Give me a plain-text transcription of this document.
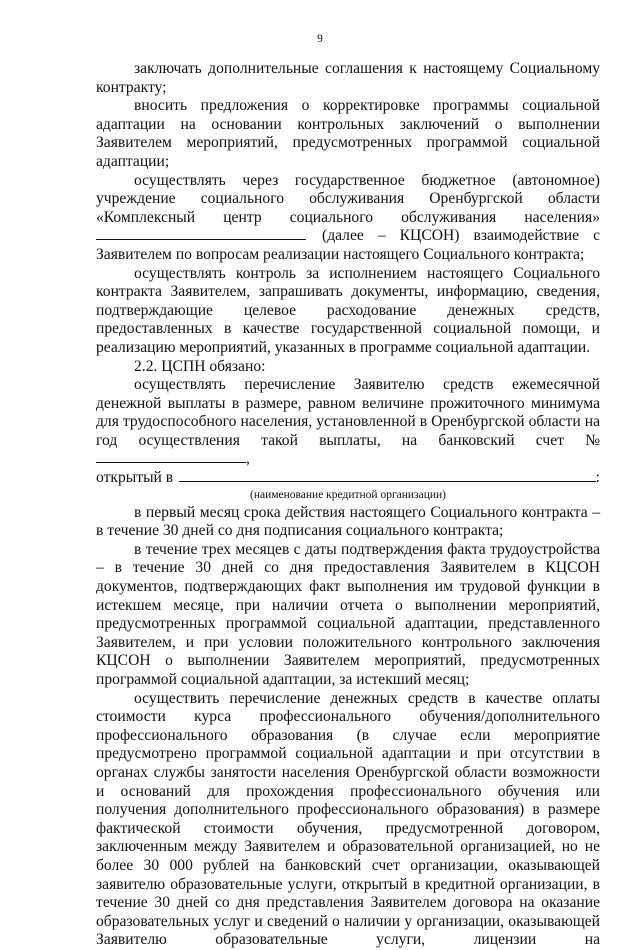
9

заключать дополнительные соглашения к настоящему Социальному контракту;

вносить предложения о корректировке программы социальной адаптации на основании контрольных заключений о выполнении Заявителем мероприятий, предусмотренных программой социальной адаптации;

осуществлять через государственное бюджетное (автономное) учреждение социального обслуживания Оренбургской области «Комплексный центр социального обслуживания населения»

(далее – КЦСОН) взаимодействие с

Заявителем по вопросам реализации настоящего Социального контракта;

осуществлять контроль за исполнением настоящего Социального контракта Заявителем, запрашивать документы, информацию, сведения, подтверждающие целевое расходование денежных средств, предоставленных в качестве государственной социальной помощи, и реализацию мероприятий, указанных в программе социальной адаптации.

2.2. ЦСПН обязано:

осуществлять перечисление Заявителю средств ежемесячной денежной выплаты в размере, равном величине прожиточного минимума для трудоспособного населения, установленной в Оренбургской области на год осуществления такой выплаты, на банковский счет № ,

открытый в	:
(наименование кредитной организации)

в первый месяц срока действия настоящего Социального контракта – в течение 30 дней со дня подписания социального контракта;

в течение трех месяцев с даты подтверждения факта трудоустройства – в течение 30 дней со дня предоставления Заявителем в КЦСОН документов, подтверждающих факт выполнения им трудовой функции в истекшем месяце, при наличии отчета о выполнении мероприятий, предусмотренных программой социальной адаптации, представленного Заявителем, и при условии положительного контрольного заключения КЦСОН о выполнении Заявителем мероприятий, предусмотренных программой социальной адаптации, за истекший месяц;

осуществить перечисление денежных средств в качестве оплаты стоимости курса профессионального обучения/дополнительного профессионального образования (в случае если мероприятие предусмотрено программой социальной адаптации и при отсутствии в органах службы занятости населения Оренбургской области возможности и оснований для прохождения профессионального обучения или получения дополнительного профессионального образования) в размере фактической стоимости обучения, предусмотренной договором, заключенным между Заявителем и образовательной организацией, но не более 30 000 рублей на банковский счет организации, оказывающей заявителю образовательные услуги, открытый в кредитной организации, в течение 30 дней со дня представления Заявителем договора на оказание образовательных услуг и сведений о наличии у организации, оказывающей Заявителю образовательные услуги, лицензии на
